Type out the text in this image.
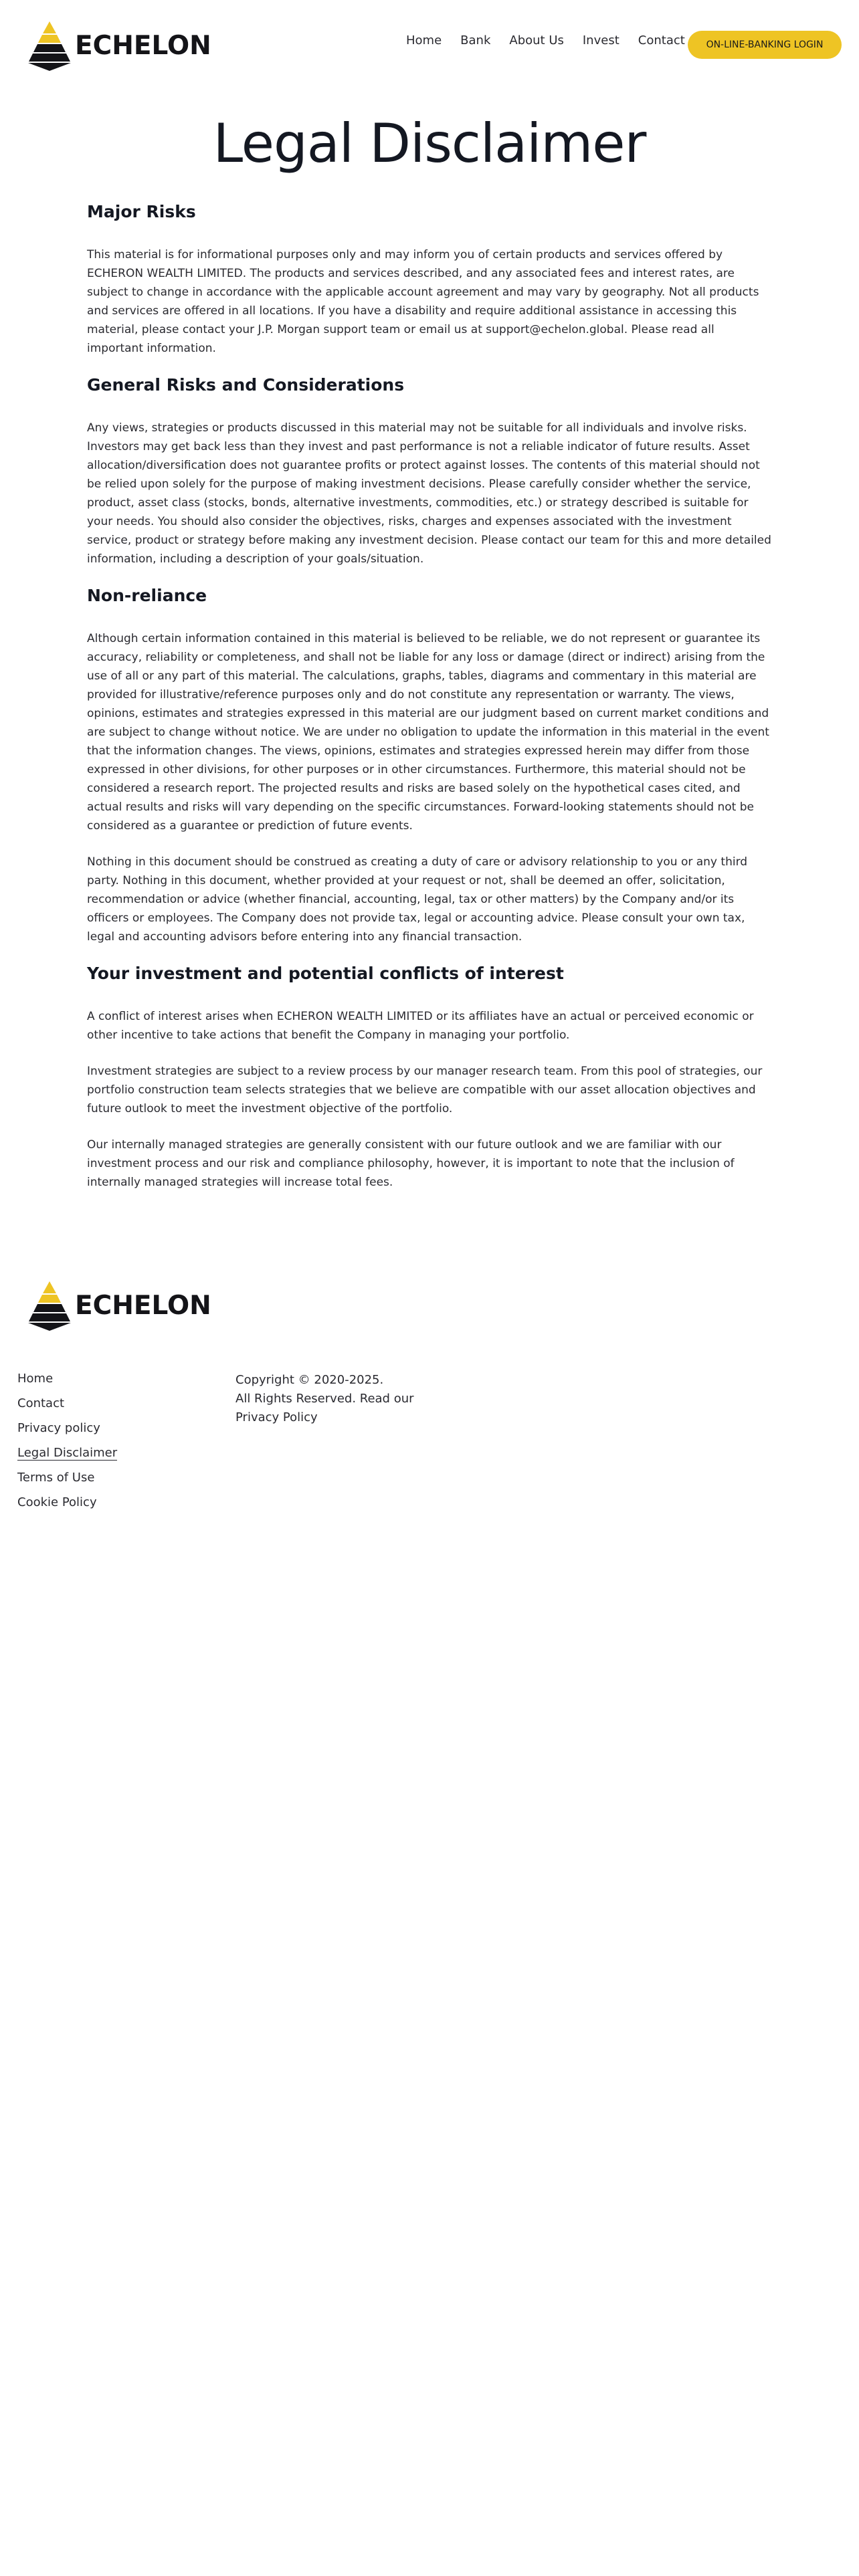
ECHELON	Home Bank About Us Invest Contact	ON-LINE-BANKING LOGIN
Legal Disclaimer
Major Risks

This material is for informational purposes only and may inform you of certain products and services offered by ECHERON WEALTH LIMITED. The products and services described, and any associated fees and interest rates, are subject to change in accordance with the applicable account agreement and may vary by geography. Not all products and services are offered in all locations. If you have a disability and require additional assistance in accessing this material, please contact your J.P. Morgan support team or email us at support@echelon.global. Please read all important information.

General Risks and Considerations

Any views, strategies or products discussed in this material may not be suitable for all individuals and involve risks. Investors may get back less than they invest and past performance is not a reliable indicator of future results. Asset allocation/diversification does not guarantee profits or protect against losses. The contents of this material should not be relied upon solely for the purpose of making investment decisions. Please carefully consider whether the service, product, asset class (stocks, bonds, alternative investments, commodities, etc.) or strategy described is suitable for your needs. You should also consider the objectives, risks, charges and expenses associated with the investment service, product or strategy before making any investment decision. Please contact our team for this and more detailed information, including a description of your goals/situation.

Non-reliance

Although certain information contained in this material is believed to be reliable, we do not represent or guarantee its accuracy, reliability or completeness, and shall not be liable for any loss or damage (direct or indirect) arising from the use of all or any part of this material. The calculations, graphs, tables, diagrams and commentary in this material are provided for illustrative/reference purposes only and do not constitute any representation or warranty. The views, opinions, estimates and strategies expressed in this material are our judgment based on current market conditions and are subject to change without notice. We are under no obligation to update the information in this material in the event that the information changes. The views, opinions, estimates and strategies expressed herein may differ from those expressed in other divisions, for other purposes or in other circumstances. Furthermore, this material should not be considered a research report. The projected results and risks are based solely on the hypothetical cases cited, and actual results and risks will vary depending on the specific circumstances. Forward-looking statements should not be considered as a guarantee or prediction of future events.

Nothing in this document should be construed as creating a duty of care or advisory relationship to you or any third party. Nothing in this document, whether provided at your request or not, shall be deemed an offer, solicitation, recommendation or advice (whether financial, accounting, legal, tax or other matters) by the Company and/or its officers or employees. The Company does not provide tax, legal or accounting advice. Please consult your own tax, legal and accounting advisors before entering into any financial transaction.

Your investment and potential conflicts of interest

A conflict of interest arises when ECHERON WEALTH LIMITED or its affiliates have an actual or perceived economic or other incentive to take actions that benefit the Company in managing your portfolio.

Investment strategies are subject to a review process by our manager research team. From this pool of strategies, our portfolio construction team selects strategies that we believe are compatible with our asset allocation objectives and future outlook to meet the investment objective of the portfolio.

Our internally managed strategies are generally consistent with our future outlook and we are familiar with our investment process and our risk and compliance philosophy, however, it is important to note that the inclusion of internally managed strategies will increase total fees.

ECHELON
Home
Contact
Privacy policy
Legal Disclaimer
Terms of Use
Cookie Policy
Copyright © 2020-2025.
All Rights Reserved. Read our
Privacy Policy
